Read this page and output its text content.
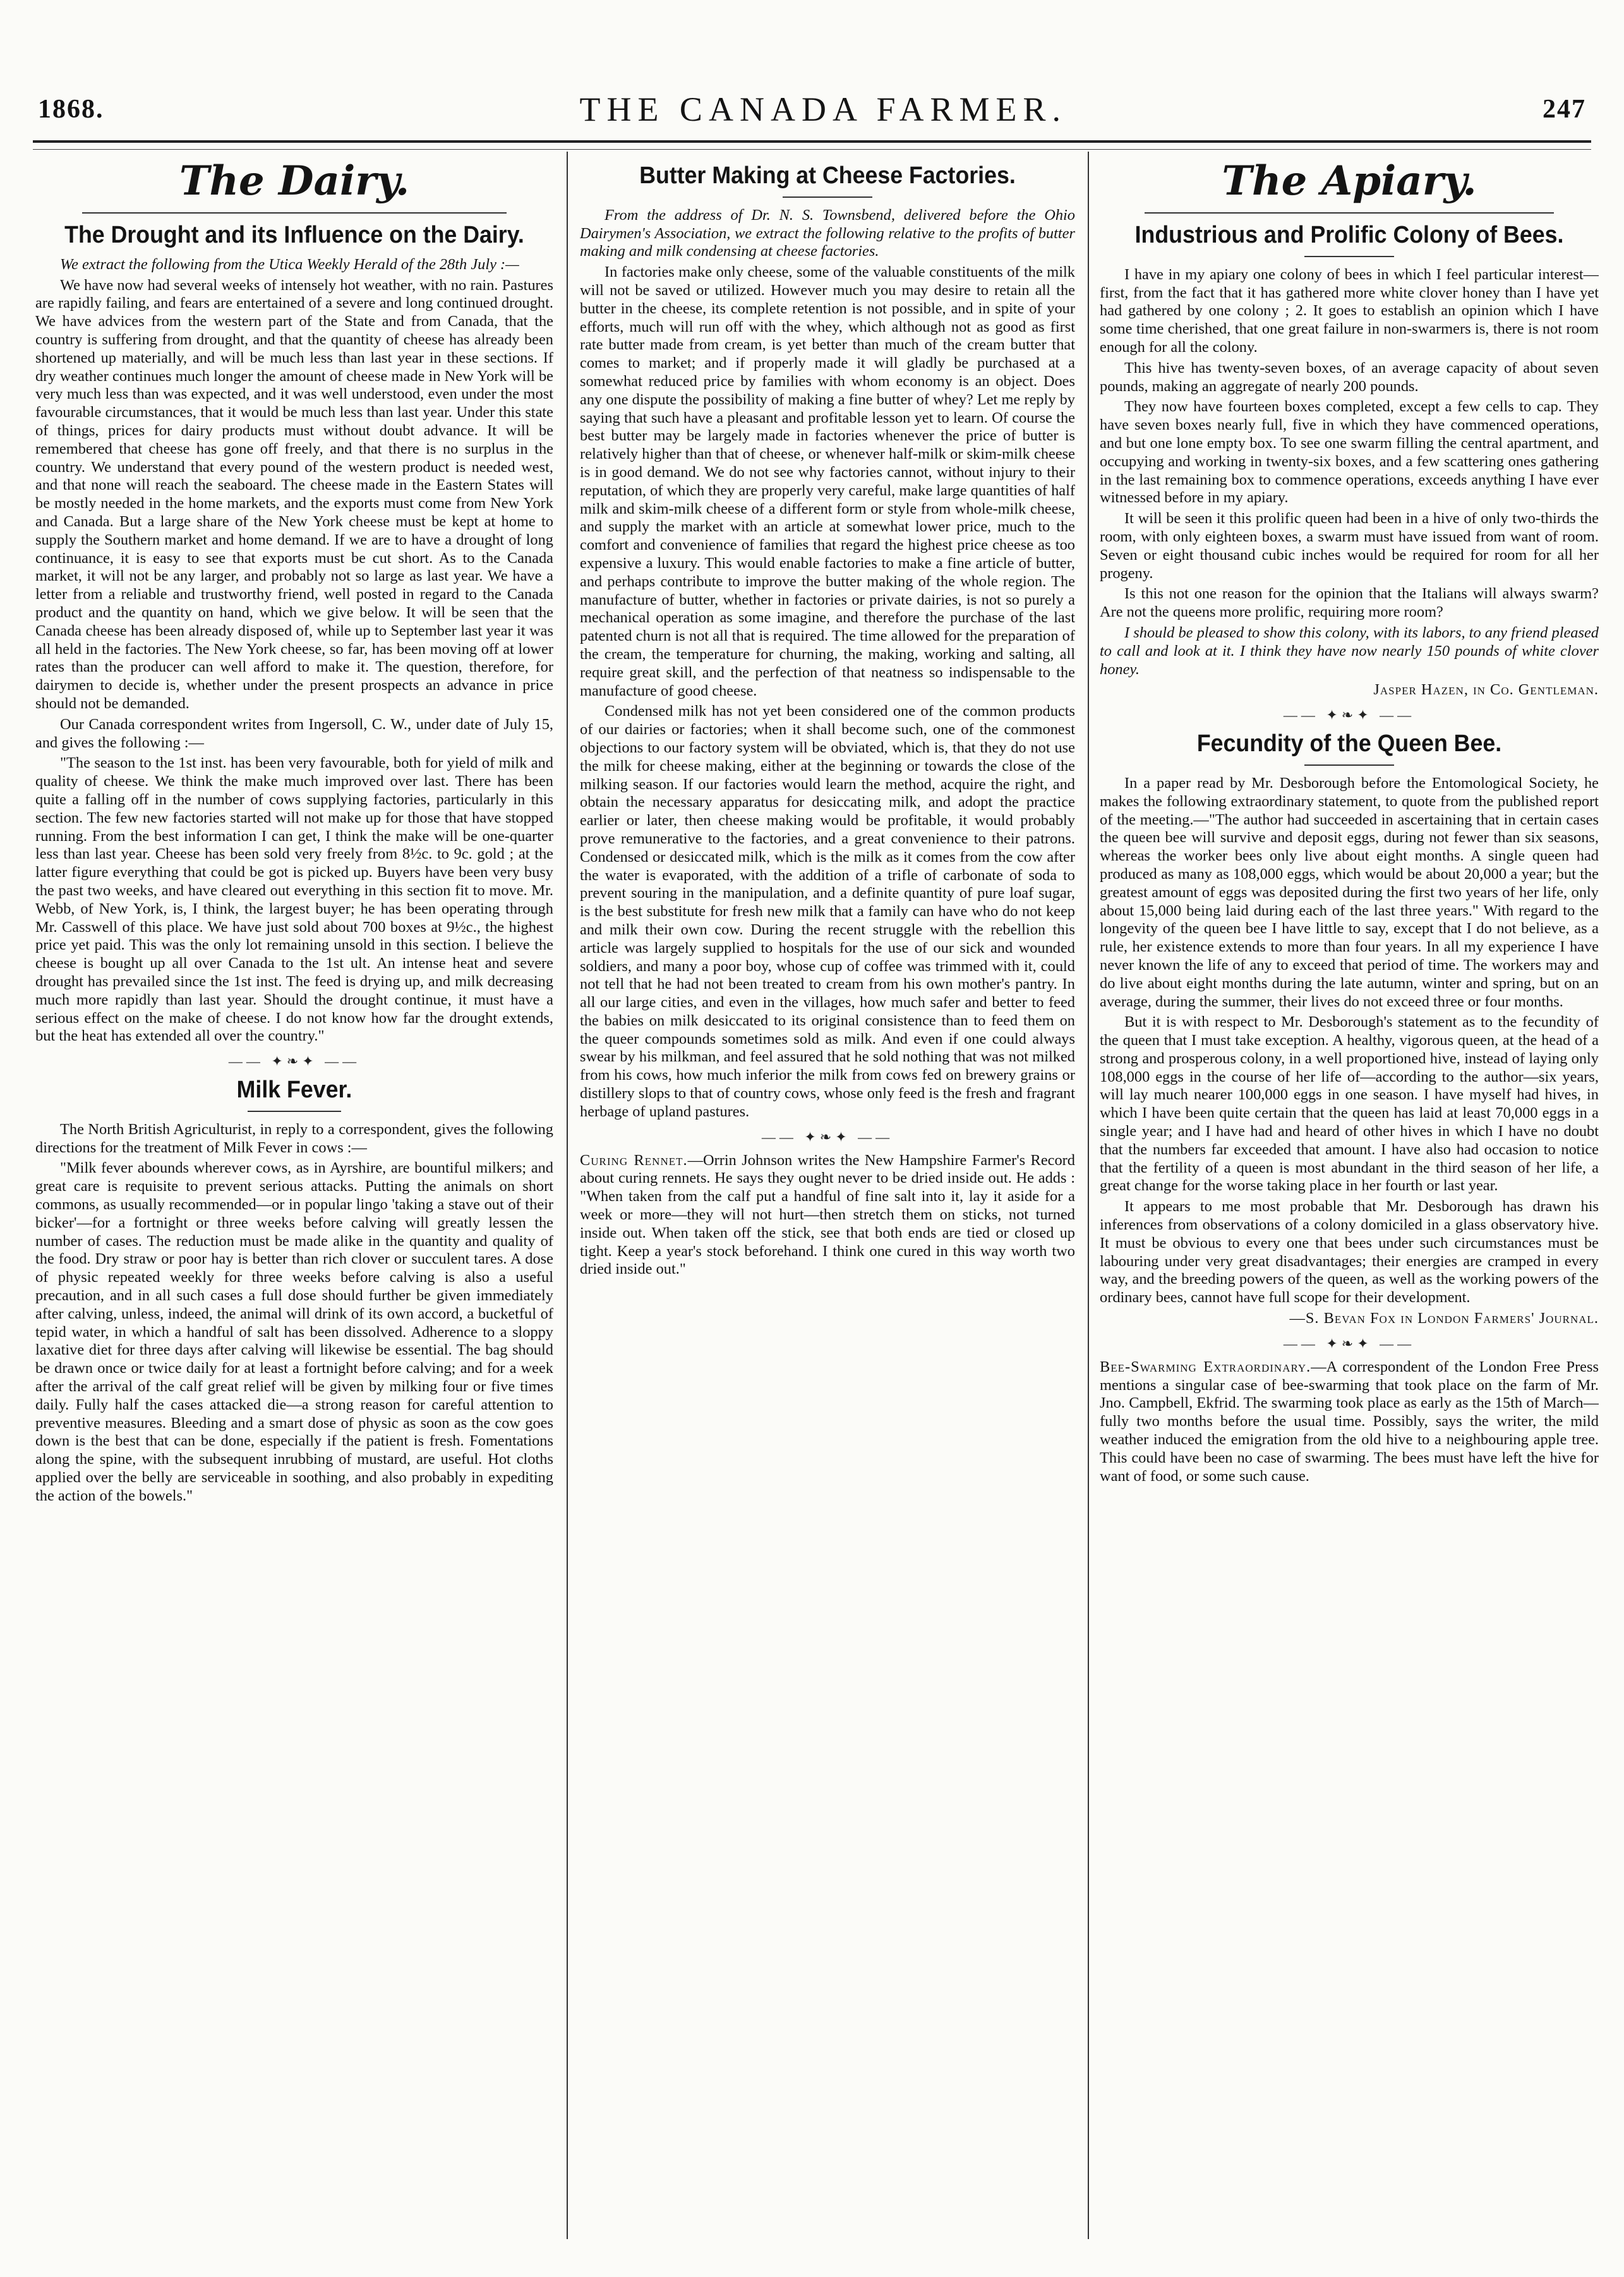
1868.	THE CANADA FARMER.	247
The Dairy.
The Drought and its Influence on the Dairy.

We extract the following from the Utica Weekly Herald of the 28th July :—

We have now had several weeks of intensely hot weather, with no rain. Pastures are rapidly failing, and fears are entertained of a severe and long continued drought. We have advices from the western part of the State and from Canada, that the country is suffering from drought, and that the quantity of cheese has already been shortened up materially, and will be much less than last year in these sections. If dry weather continues much longer the amount of cheese made in New York will be very much less than was expected, and it was well understood, even under the most favourable circumstances, that it would be much less than last year. Under this state of things, prices for dairy products must without doubt advance. It will be remembered that cheese has gone off freely, and that there is no surplus in the country. We understand that every pound of the western product is needed west, and that none will reach the seaboard. The cheese made in the Eastern States will be mostly needed in the home markets, and the exports must come from New York and Canada. But a large share of the New York cheese must be kept at home to supply the Southern market and home demand. If we are to have a drought of long continuance, it is easy to see that exports must be cut short. As to the Canada market, it will not be any larger, and probably not so large as last year. We have a letter from a reliable and trustworthy friend, well posted in regard to the Canada product and the quantity on hand, which we give below. It will be seen that the Canada cheese has been already disposed of, while up to September last year it was all held in the factories. The New York cheese, so far, has been moving off at lower rates than the producer can well afford to make it. The question, therefore, for dairymen to decide is, whether under the present prospects an advance in price should not be demanded.

Our Canada correspondent writes from Ingersoll, C. W., under date of July 15, and gives the following :—

"The season to the 1st inst. has been very favourable, both for yield of milk and quality of cheese. We think the make much improved over last. There has been quite a falling off in the number of cows supplying factories, particularly in this section. The few new factories started will not make up for those that have stopped running. From the best information I can get, I think the make will be one-quarter less than last year. Cheese has been sold very freely from 8½c. to 9c. gold ; at the latter figure everything that could be got is picked up. Buyers have been very busy the past two weeks, and have cleared out everything in this section fit to move. Mr. Webb, of New York, is, I think, the largest buyer; he has been operating through Mr. Casswell of this place. We have just sold about 700 boxes at 9½c., the highest price yet paid. This was the only lot remaining unsold in this section. I believe the cheese is bought up all over Canada to the 1st ult. An intense heat and severe drought has prevailed since the 1st inst. The feed is drying up, and milk decreasing much more rapidly than last year. Should the drought continue, it must have a serious effect on the make of cheese. I do not know how far the drought extends, but the heat has extended all over the country."

—— ✦❧✦ ——
Milk Fever.

The North British Agriculturist, in reply to a correspondent, gives the following directions for the treatment of Milk Fever in cows :—

"Milk fever abounds wherever cows, as in Ayrshire, are bountiful milkers; and great care is requisite to prevent serious attacks. Putting the animals on short commons, as usually recommended—or in popular lingo 'taking a stave out of their bicker'—for a fortnight or three weeks before calving will greatly lessen the number of cases. The reduction must be made alike in the quantity and quality of the food. Dry straw or poor hay is better than rich clover or succulent tares. A dose of physic repeated weekly for three weeks before calving is also a useful precaution, and in all such cases a full dose should further be given immediately after calving, unless, indeed, the animal will drink of its own accord, a bucketful of tepid water, in which a handful of salt has been dissolved. Adherence to a sloppy laxative diet for three days after calving will likewise be essential. The bag should be drawn once or twice daily for at least a fortnight before calving; and for a week after the arrival of the calf great relief will be given by milking four or five times daily. Fully half the cases attacked die—a strong reason for careful attention to preventive measures. Bleeding and a smart dose of physic as soon as the cow goes down is the best that can be done, especially if the patient is fresh. Fomentations along the spine, with the subsequent inrubbing of mustard, are useful. Hot cloths applied over the belly are serviceable in soothing, and also probably in expediting the action of the bowels."

Butter Making at Cheese Factories.

From the address of Dr. N. S. Townsbend, delivered before the Ohio Dairymen's Association, we extract the following relative to the profits of butter making and milk condensing at cheese factories.

In factories make only cheese, some of the valuable constituents of the milk will not be saved or utilized. However much you may desire to retain all the butter in the cheese, its complete retention is not possible, and in spite of your efforts, much will run off with the whey, which although not as good as first rate butter made from cream, is yet better than much of the cream butter that comes to market; and if properly made it will gladly be purchased at a somewhat reduced price by families with whom economy is an object. Does any one dispute the possibility of making a fine butter of whey? Let me reply by saying that such have a pleasant and profitable lesson yet to learn. Of course the best butter may be largely made in factories whenever the price of butter is relatively higher than that of cheese, or whenever half-milk or skim-milk cheese is in good demand. We do not see why factories cannot, without injury to their reputation, of which they are properly very careful, make large quantities of half milk and skim-milk cheese of a different form or style from whole-milk cheese, and supply the market with an article at somewhat lower price, much to the comfort and convenience of families that regard the highest price cheese as too expensive a luxury. This would enable factories to make a fine article of butter, and perhaps contribute to improve the butter making of the whole region. The manufacture of butter, whether in factories or private dairies, is not so purely a mechanical operation as some imagine, and therefore the purchase of the last patented churn is not all that is required. The time allowed for the preparation of the cream, the temperature for churning, the making, working and salting, all require great skill, and the perfection of that neatness so indispensable to the manufacture of good cheese.

Condensed milk has not yet been considered one of the common products of our dairies or factories; when it shall become such, one of the commonest objections to our factory system will be obviated, which is, that they do not use the milk for cheese making, either at the beginning or towards the close of the milking season. If our factories would learn the method, acquire the right, and obtain the necessary apparatus for desiccating milk, and adopt the practice earlier or later, then cheese making would be profitable, it would probably prove remunerative to the factories, and a great convenience to their patrons. Condensed or desiccated milk, which is the milk as it comes from the cow after the water is evaporated, with the addition of a trifle of carbonate of soda to prevent souring in the manipulation, and a definite quantity of pure loaf sugar, is the best substitute for fresh new milk that a family can have who do not keep and milk their own cow. During the recent struggle with the rebellion this article was largely supplied to hospitals for the use of our sick and wounded soldiers, and many a poor boy, whose cup of coffee was trimmed with it, could not tell that he had not been treated to cream from his own mother's pantry. In all our large cities, and even in the villages, how much safer and better to feed the babies on milk desiccated to its original consistence than to feed them on the queer compounds sometimes sold as milk. And even if one could always swear by his milkman, and feel assured that he sold nothing that was not milked from his cows, how much inferior the milk from cows fed on brewery grains or distillery slops to that of country cows, whose only feed is the fresh and fragrant herbage of upland pastures.

—— ✦❧✦ ——

Curing Rennet.—Orrin Johnson writes the New Hampshire Farmer's Record about curing rennets. He says they ought never to be dried inside out. He adds : "When taken from the calf put a handful of fine salt into it, lay it aside for a week or more—they will not hurt—then stretch them on sticks, not turned inside out. When taken off the stick, see that both ends are tied or closed up tight. Keep a year's stock beforehand. I think one cured in this way worth two dried inside out."

The Apiary.
Industrious and Prolific Colony of Bees.

I have in my apiary one colony of bees in which I feel particular interest—first, from the fact that it has gathered more white clover honey than I have yet had gathered by one colony ; 2. It goes to establish an opinion which I have some time cherished, that one great failure in non-swarmers is, there is not room enough for all the colony.

This hive has twenty-seven boxes, of an average capacity of about seven pounds, making an aggregate of nearly 200 pounds.

They now have fourteen boxes completed, except a few cells to cap. They have seven boxes nearly full, five in which they have commenced operations, and but one lone empty box. To see one swarm filling the central apartment, and occupying and working in twenty-six boxes, and a few scattering ones gathering in the last remaining box to commence operations, exceeds anything I have ever witnessed before in my apiary.

It will be seen it this prolific queen had been in a hive of only two-thirds the room, with only eighteen boxes, a swarm must have issued from want of room. Seven or eight thousand cubic inches would be required for room for all her progeny.

Is this not one reason for the opinion that the Italians will always swarm? Are not the queens more prolific, requiring more room?

I should be pleased to show this colony, with its labors, to any friend pleased to call and look at it. I think they have now nearly 150 pounds of white clover honey.

Jasper Hazen, in Co. Gentleman.

—— ✦❧✦ ——
Fecundity of the Queen Bee.

In a paper read by Mr. Desborough before the Entomological Society, he makes the following extraordinary statement, to quote from the published report of the meeting.—"The author had succeeded in ascertaining that in certain cases the queen bee will survive and deposit eggs, during not fewer than six seasons, whereas the worker bees only live about eight months. A single queen had produced as many as 108,000 eggs, which would be about 20,000 a year; but the greatest amount of eggs was deposited during the first two years of her life, only about 15,000 being laid during each of the last three years." With regard to the longevity of the queen bee I have little to say, except that I do not believe, as a rule, her existence extends to more than four years. In all my experience I have never known the life of any to exceed that period of time. The workers may and do live about eight months during the late autumn, winter and spring, but on an average, during the summer, their lives do not exceed three or four months.

But it is with respect to Mr. Desborough's statement as to the fecundity of the queen that I must take exception. A healthy, vigorous queen, at the head of a strong and prosperous colony, in a well proportioned hive, instead of laying only 108,000 eggs in the course of her life of—according to the author—six years, will lay much nearer 100,000 eggs in one season. I have myself had hives, in which I have been quite certain that the queen has laid at least 70,000 eggs in a single year; and I have had and heard of other hives in which I have no doubt that the numbers far exceeded that amount. I have also had occasion to notice that the fertility of a queen is most abundant in the third season of her life, a great change for the worse taking place in her fourth or last year.

It appears to me most probable that Mr. Desborough has drawn his inferences from observations of a colony domiciled in a glass observatory hive. It must be obvious to every one that bees under such circumstances must be labouring under very great disadvantages; their energies are cramped in every way, and the breeding powers of the queen, as well as the working powers of the ordinary bees, cannot have full scope for their development.

—S. Bevan Fox in London Farmers' Journal.

—— ✦❧✦ ——

Bee-Swarming Extraordinary.—A correspondent of the London Free Press mentions a singular case of bee-swarming that took place on the farm of Mr. Jno. Campbell, Ekfrid. The swarming took place as early as the 15th of March—fully two months before the usual time. Possibly, says the writer, the mild weather induced the emigration from the old hive to a neighbouring apple tree. This could have been no case of swarming. The bees must have left the hive for want of food, or some such cause.
